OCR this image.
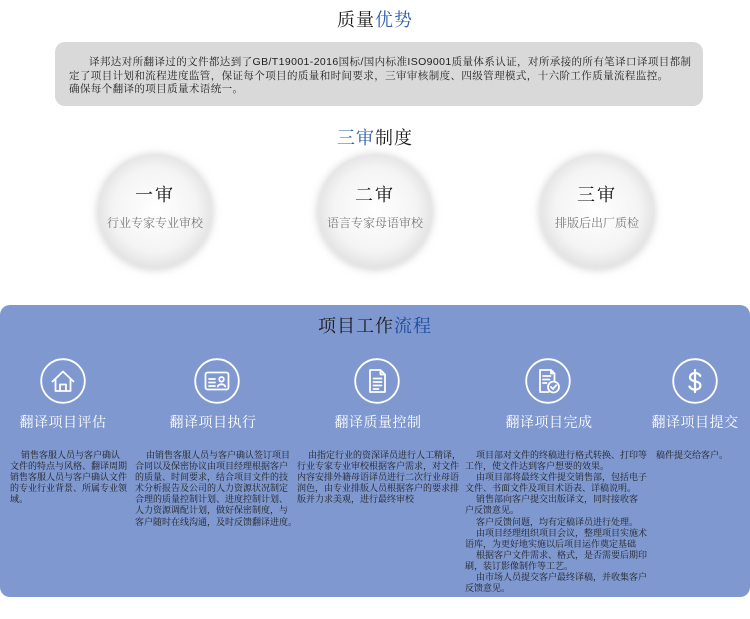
质量优势
译邦达对所翻译过的文件都达到了GB/T19001-2016国标/国内标准ISO9001质量体系认证，对所承接的所有笔译口译项目都制
定了项目计划和流程进度监管，保证每个项目的质量和时间要求，三审审核制度、四级管理模式，十六阶工作质量流程监控。
确保每个翻译的项目质量术语统一。
三审制度
一审
行业专家专业审校
二审
语言专家母语审校
三审
排版后出厂质检
项目工作流程
翻译项目评估
销售客服人员与客户确认
文件的特点与风格、翻译周期
销售客服人员与客户确认文件
的专业行业背景、所属专业领
域。
翻译项目执行
由销售客服人员与客户确认签订项目
合同以及保密协议由项目经理根据客户
的质量、时间要求，结合项目文件的技
术分析报告及公司的人力资源状况制定
合理的质量控制计划、进度控制计划、
人力资源调配计划，做好保密制度，与
客户随时在线沟通，及时反馈翻译进度。
翻译质量控制
由指定行业的资深译员进行人工精译，
行业专家专业审校根据客户需求，对文件
内容安排外籍母语译员进行二次行业母语
润色，由专业排版人员根据客户的要求排
版并力求美观，进行最终审校
翻译项目完成
项目部对文件的终稿进行格式转换、打印等
工作，使文件达到客户想要的效果。
由项目部将最终文件提交销售部，包括电子
文件、书面文件及项目术语表、详稿说明。
销售部向客户提交出版译文，同时接收客
户反馈意见。
客户反馈问题，均有定稿译员进行处理。
由项目经理组织项目会议，整理项目实施术
语库，为更好地实施以后项目运作奠定基础
根据客户文件需求、格式，是否需要后期印
刷，装订影像制作等工艺。
由市场人员提交客户最终译稿，并收集客户
反馈意见。
翻译项目提交
稿件提交给客户。
